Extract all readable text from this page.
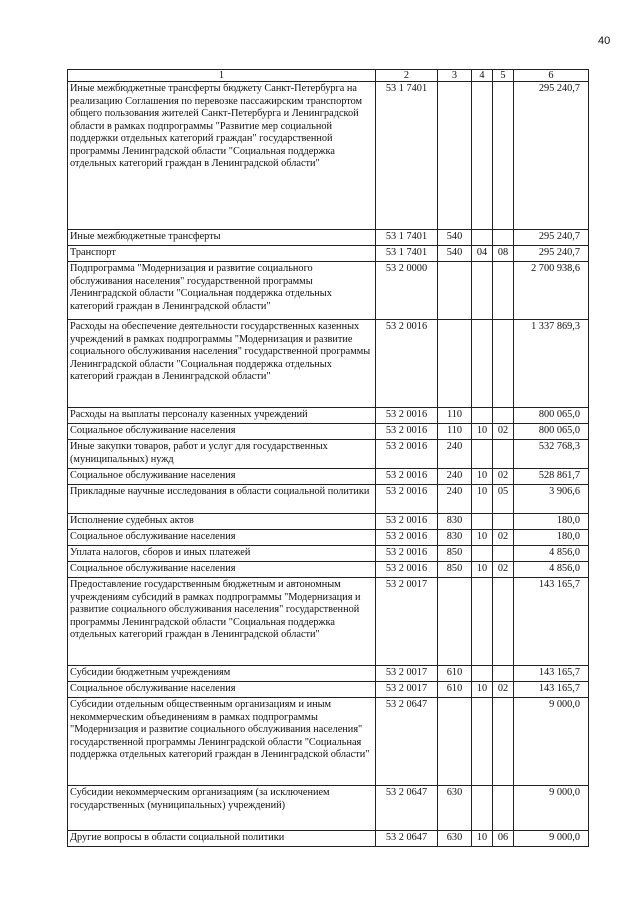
40
1	2	3	4	5	6
Иные межбюджетные трансферты бюджету Санкт-Петербурга на реализацию Соглашения по перевозке пассажирским транспортом общего пользования жителей Санкт-Петербурга и Ленинградской области в рамках подпрограммы "Развитие мер социальной поддержки отдельных категорий граждан" государственной программы Ленинградской области "Социальная поддержка отдельных категорий граждан в Ленинградской области"	53 1 7401				295 240,7
Иные межбюджетные трансферты	53 1 7401	540			295 240,7
Транспорт	53 1 7401	540	04	08	295 240,7
Подпрограмма "Модернизация и развитие социального обслуживания населения" государственной программы Ленинградской области "Социальная поддержка отдельных категорий граждан в Ленинградской области"	53 2 0000				2 700 938,6
Расходы на обеспечение деятельности государственных казенных учреждений в рамках подпрограммы "Модернизация и развитие социального обслуживания населения" государственной программы Ленинградской области "Социальная поддержка отдельных категорий граждан в Ленинградской области"	53 2 0016				1 337 869,3
Расходы на выплаты персоналу казенных учреждений	53 2 0016	110			800 065,0
Социальное обслуживание населения	53 2 0016	110	10	02	800 065,0
Иные закупки товаров, работ и услуг для государственных (муниципальных) нужд	53 2 0016	240			532 768,3
Социальное обслуживание населения	53 2 0016	240	10	02	528 861,7
Прикладные научные исследования в области социальной политики	53 2 0016	240	10	05	3 906,6
Исполнение судебных актов	53 2 0016	830			180,0
Социальное обслуживание населения	53 2 0016	830	10	02	180,0
Уплата налогов, сборов и иных платежей	53 2 0016	850			4 856,0
Социальное обслуживание населения	53 2 0016	850	10	02	4 856,0
Предоставление государственным бюджетным и автономным учреждениям субсидий в рамках подпрограммы "Модернизация и развитие социального обслуживания населения" государственной программы Ленинградской области "Социальная поддержка отдельных категорий граждан в Ленинградской области"	53 2 0017				143 165,7
Субсидии бюджетным учреждениям	53 2 0017	610			143 165,7
Социальное обслуживание населения	53 2 0017	610	10	02	143 165,7
Субсидии отдельным общественным организациям и иным некоммерческим объединениям в рамках подпрограммы "Модернизация и развитие социального обслуживания населения" государственной программы Ленинградской области "Социальная поддержка отдельных категорий граждан в Ленинградской области"	53 2 0647				9 000,0
Субсидии некоммерческим организациям (за исключением государственных (муниципальных) учреждений)	53 2 0647	630			9 000,0
Другие вопросы в области социальной политики	53 2 0647	630	10	06	9 000,0
